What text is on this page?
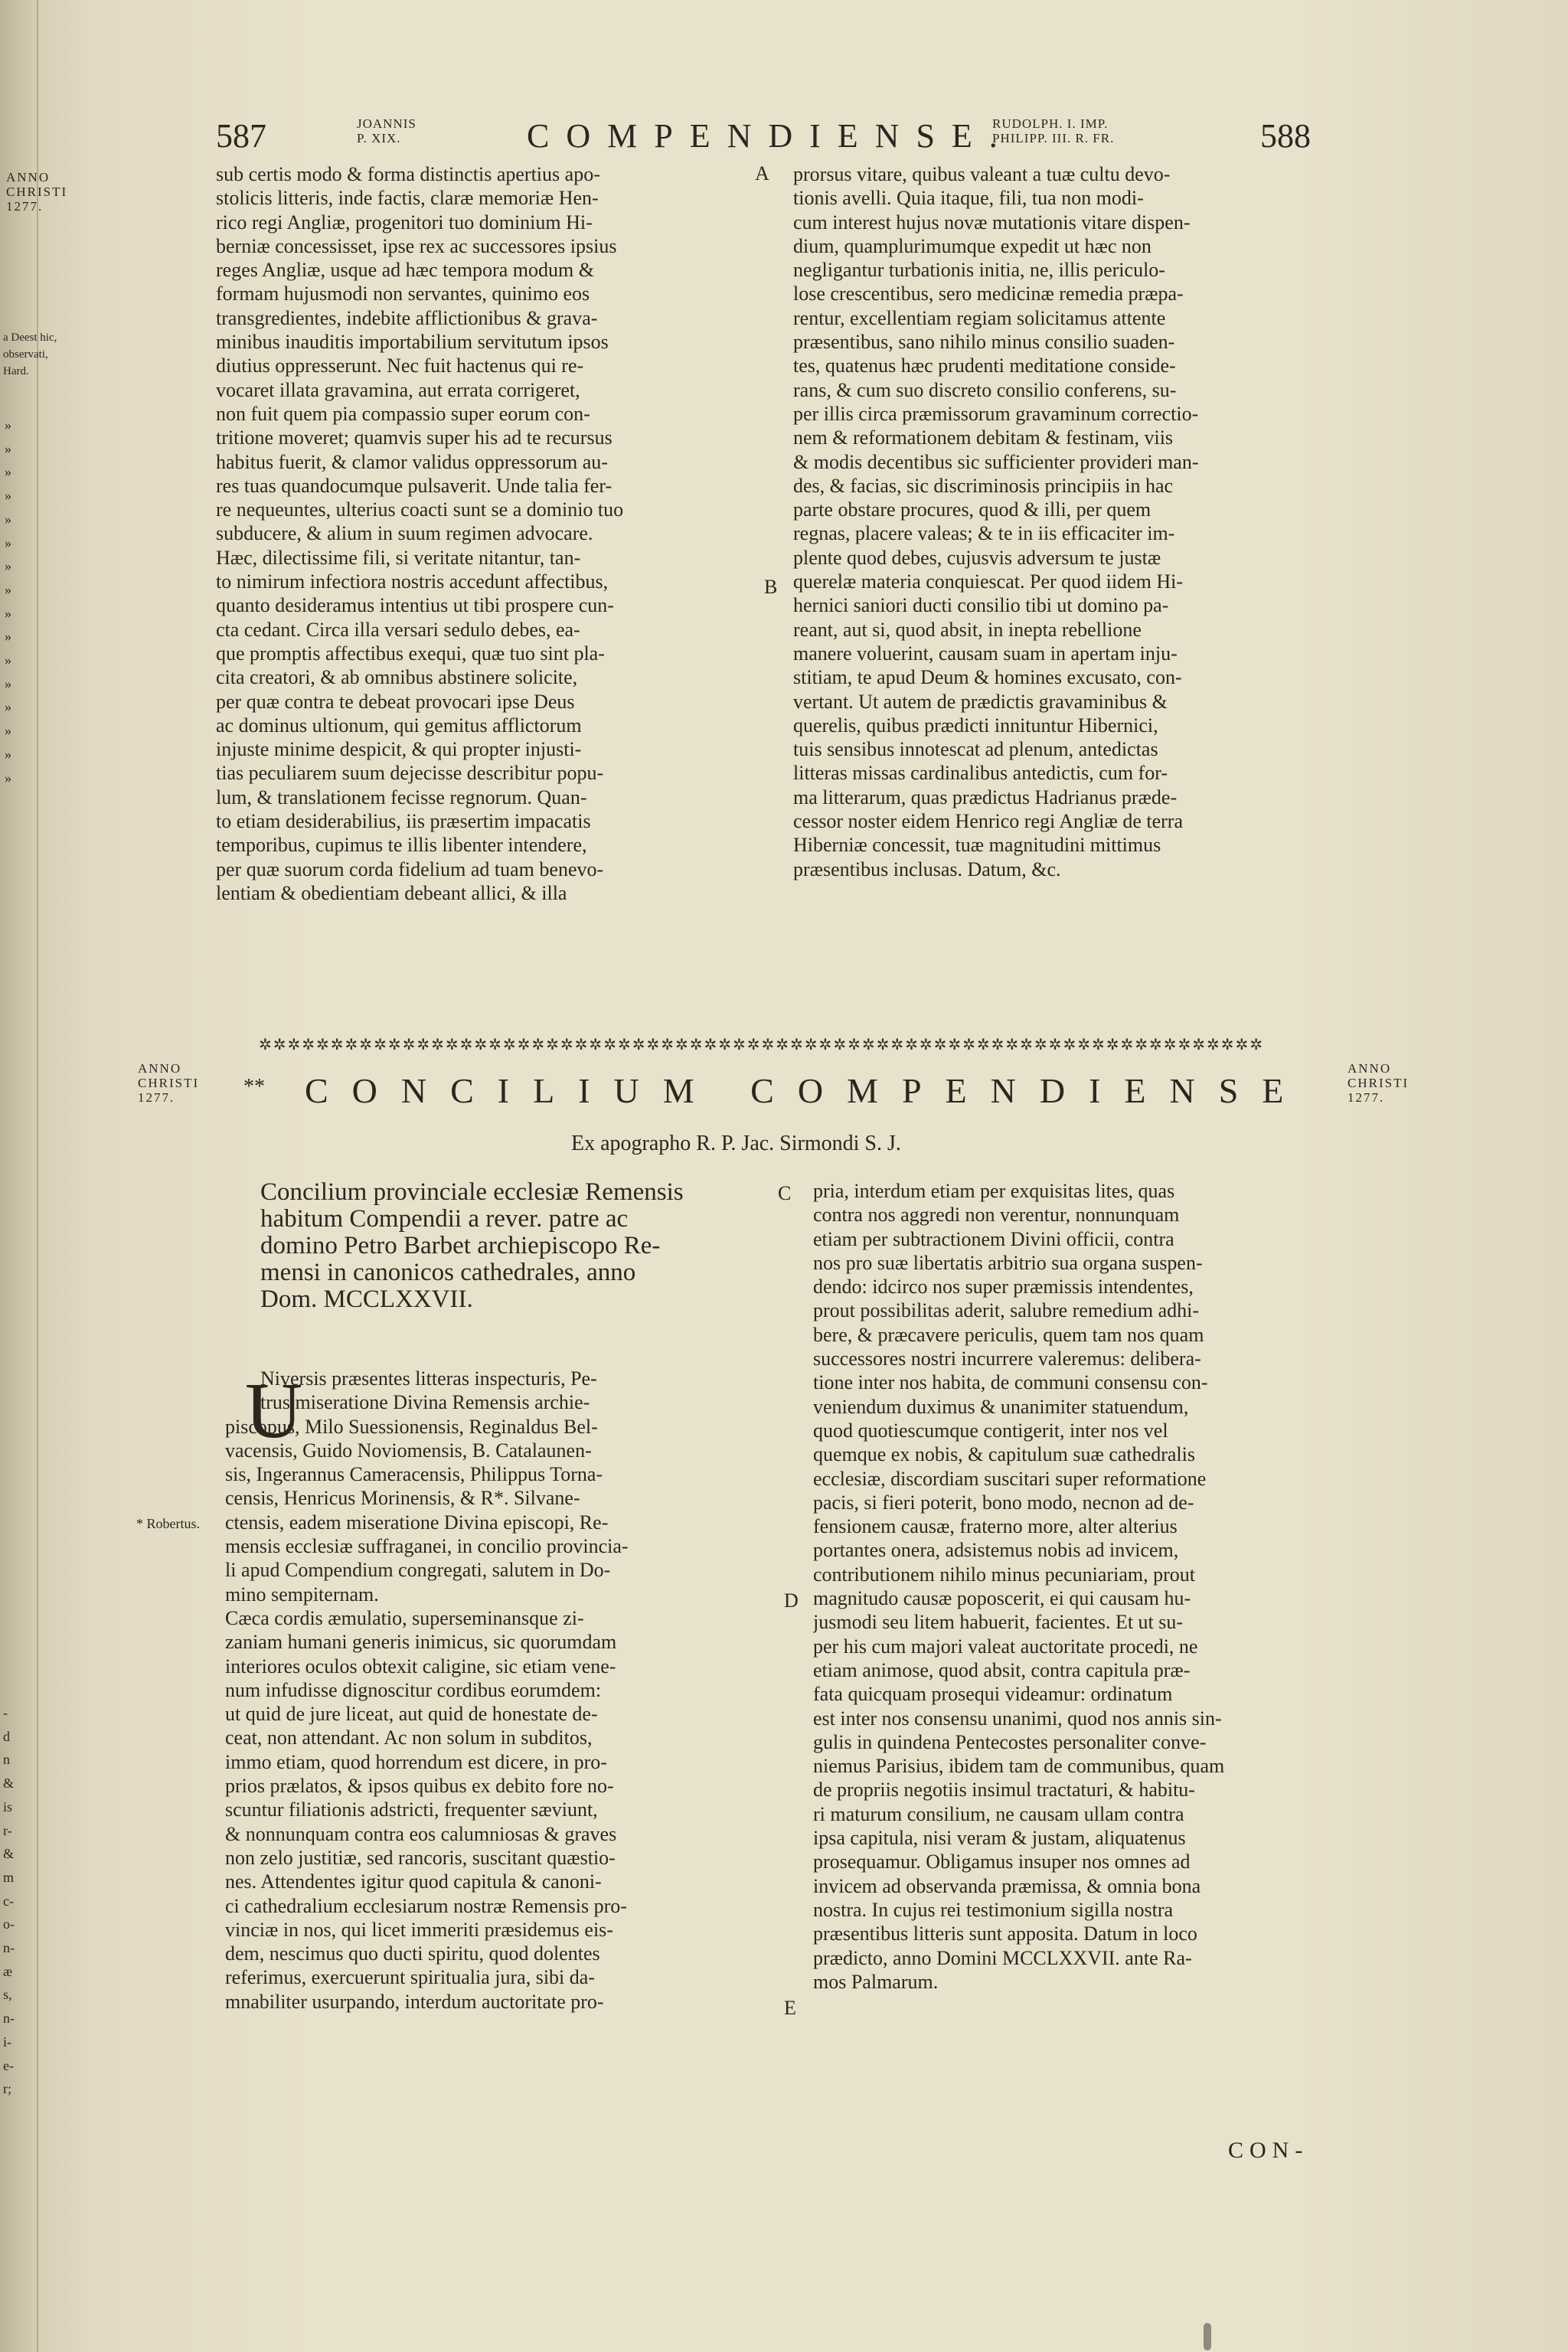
587	JOANNIS
P. XIX.	COMPENDIENSE.
RUDOLPH. I. IMP.
PHILIPP. III. R. FR.	588
ANNO
CHRISTI
1277.
a Deest hic,
observati,
Hard.
»
»
»
»
»
»
»
»
»
»
»
»
»
»
»
»
sub certis modo & forma distinctis apertius apo-
stolicis litteris, inde factis, claræ memoriæ Hen-
rico regi Angliæ, progenitori tuo dominium Hi-
berniæ concessisset, ipse rex ac successores ipsius
reges Angliæ, usque ad hæc tempora modum &
formam hujusmodi non servantes, quinimo eos
transgredientes, indebite afflictionibus & grava-
minibus inauditis importabilium servitutum ipsos
diutius oppresserunt. Nec fuit hactenus qui re-
vocaret illata gravamina, aut errata corrigeret,
non fuit quem pia compassio super eorum con-
tritione moveret; quamvis super his ad te recursus
habitus fuerit, & clamor validus oppressorum au-
res tuas quandocumque pulsaverit. Unde talia fer-
re nequeuntes, ulterius coacti sunt se a dominio tuo
subducere, & alium in suum regimen advocare.
Hæc, dilectissime fili, si veritate nitantur, tan-
to nimirum infectiora nostris accedunt affectibus,
quanto desideramus intentius ut tibi prospere cun-
cta cedant. Circa illa versari sedulo debes, ea-
que promptis affectibus exequi, quæ tuo sint pla-
cita creatori, & ab omnibus abstinere solicite,
per quæ contra te debeat provocari ipse Deus
ac dominus ultionum, qui gemitus afflictorum
injuste minime despicit, & qui propter injusti-
tias peculiarem suum dejecisse describitur popu-
lum, & translationem fecisse regnorum. Quan-
to etiam desiderabilius, iis præsertim impacatis
temporibus, cupimus te illis libenter intendere,
per quæ suorum corda fidelium ad tuam benevo-
lentiam & obedientiam debeant allici, & illa
A
B
prorsus vitare, quibus valeant a tuæ cultu devo-
tionis avelli. Quia itaque, fili, tua non modi-
cum interest hujus novæ mutationis vitare dispen-
dium, quamplurimumque expedit ut hæc non
negligantur turbationis initia, ne, illis periculo-
lose crescentibus, sero medicinæ remedia præpa-
rentur, excellentiam regiam solicitamus attente
præsentibus, sano nihilo minus consilio suaden-
tes, quatenus hæc prudenti meditatione conside-
rans, & cum suo discreto consilio conferens, su-
per illis circa præmissorum gravaminum correctio-
nem & reformationem debitam & festinam, viis
& modis decentibus sic sufficienter provideri man-
des, & facias, sic discriminosis principiis in hac
parte obstare procures, quod & illi, per quem
regnas, placere valeas; & te in iis efficaciter im-
plente quod debes, cujusvis adversum te justæ
querelæ materia conquiescat. Per quod iidem Hi-
hernici saniori ducti consilio tibi ut domino pa-
reant, aut si, quod absit, in inepta rebellione
manere voluerint, causam suam in apertam inju-
stitiam, te apud Deum & homines excusato, con-
vertant. Ut autem de prædictis gravaminibus &
querelis, quibus prædicti innituntur Hibernici,
tuis sensibus innotescat ad plenum, antedictas
litteras missas cardinalibus antedictis, cum for-
ma litterarum, quas prædictus Hadrianus præde-
cessor noster eidem Henrico regi Angliæ de terra
Hiberniæ concessit, tuæ magnitudini mittimus
præsentibus inclusas. Datum, &c.
✲✲✲✲✲✲✲✲✲✲✲✲✲✲✲✲✲✲✲✲✲✲✲✲✲✲✲✲✲✲✲✲✲✲✲✲✲✲✲✲✲✲✲✲✲✲✲✲✲✲✲✲✲✲✲✲✲✲✲✲✲✲✲✲✲✲✲✲✲✲
ANNO
CHRISTI
1277.	** CONCILIUM COMPENDIENSE
ANNO
CHRISTI
1277.
Ex apographo R. P. Jac. Sirmondi S. J.
Concilium provinciale ecclesiæ Remensis
habitum Compendii a rever. patre ac
domino Petro Barbet archiepiscopo Re-
mensi in canonicos cathedrales, anno
Dom. MCCLXXVII.
U
Niversis præsentes litteras inspecturis, Pe-
trus miseratione Divina Remensis archie-
piscopus, Milo Suessionensis, Reginaldus Bel-
vacensis, Guido Noviomensis, B. Catalaunen-
sis, Ingerannus Cameracensis, Philippus Torna-
censis, Henricus Morinensis, & R*. Silvane-
ctensis, eadem miseratione Divina episcopi, Re-
mensis ecclesiæ suffraganei, in concilio provincia-
li apud Compendium congregati, salutem in Do-
mino sempiternam.
Cæca cordis æmulatio, superseminansque zi-
zaniam humani generis inimicus, sic quorumdam
interiores oculos obtexit caligine, sic etiam vene-
num infudisse dignoscitur cordibus eorumdem:
ut quid de jure liceat, aut quid de honestate de-
ceat, non attendant. Ac non solum in subditos,
immo etiam, quod horrendum est dicere, in pro-
prios prælatos, & ipsos quibus ex debito fore no-
scuntur filiationis adstricti, frequenter sæviunt,
& nonnunquam contra eos calumniosas & graves
non zelo justitiæ, sed rancoris, suscitant quæstio-
nes. Attendentes igitur quod capitula & canoni-
ci cathedralium ecclesiarum nostræ Remensis pro-
vinciæ in nos, qui licet immeriti præsidemus eis-
dem, nescimus quo ducti spiritu, quod dolentes
referimus, exercuerunt spiritualia jura, sibi da-
mnabiliter usurpando, interdum auctoritate pro-
* Robertus.
-
d
n
&
is
r-
&
m
c-
o-
n-
æ
s,
n-
i-
e-
r;
C
D
E
pria, interdum etiam per exquisitas lites, quas
contra nos aggredi non verentur, nonnunquam
etiam per subtractionem Divini officii, contra
nos pro suæ libertatis arbitrio sua organa suspen-
dendo: idcirco nos super præmissis intendentes,
prout possibilitas aderit, salubre remedium adhi-
bere, & præcavere periculis, quem tam nos quam
successores nostri incurrere valeremus: delibera-
tione inter nos habita, de communi consensu con-
veniendum duximus & unanimiter statuendum,
quod quotiescumque contigerit, inter nos vel
quemque ex nobis, & capitulum suæ cathedralis
ecclesiæ, discordiam suscitari super reformatione
pacis, si fieri poterit, bono modo, necnon ad de-
fensionem causæ, fraterno more, alter alterius
portantes onera, adsistemus nobis ad invicem,
contributionem nihilo minus pecuniariam, prout
magnitudo causæ poposcerit, ei qui causam hu-
jusmodi seu litem habuerit, facientes. Et ut su-
per his cum majori valeat auctoritate procedi, ne
etiam animose, quod absit, contra capitula præ-
fata quicquam prosequi videamur: ordinatum
est inter nos consensu unanimi, quod nos annis sin-
gulis in quindena Pentecostes personaliter conve-
niemus Parisius, ibidem tam de communibus, quam
de propriis negotiis insimul tractaturi, & habitu-
ri maturum consilium, ne causam ullam contra
ipsa capitula, nisi veram & justam, aliquatenus
prosequamur. Obligamus insuper nos omnes ad
invicem ad observanda præmissa, & omnia bona
nostra. In cujus rei testimonium sigilla nostra
præsentibus litteris sunt apposita. Datum in loco
prædicto, anno Domini MCCLXXVII. ante Ra-
mos Palmarum.
CON-
